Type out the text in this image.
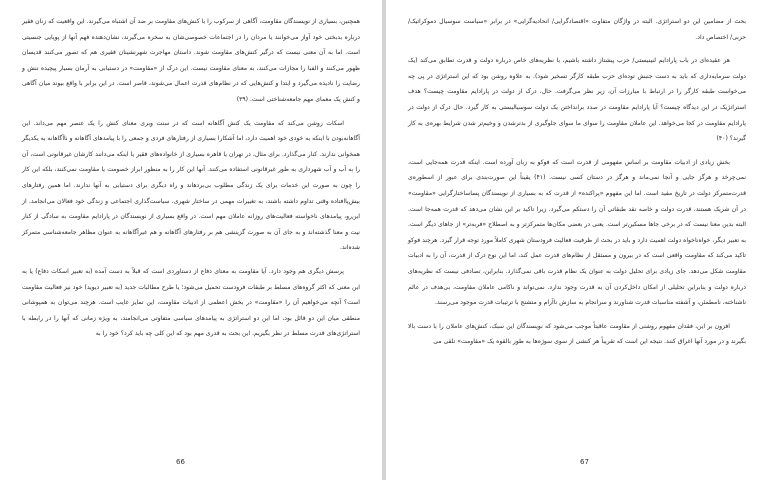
همچنین، بسیاری از نویسندگان مقاومت، آگاهی از سرکوب را با کنش‌های مقاومت بر ضد آن اشتباه می‌گیرند. این واقعیت که زنان فقیر درباره بدبختی خود آواز می‌خوانند یا مردان را در اجتماعات خصوصی‌شان به سخره می‌گیرند، نشان‌دهنده فهم آنها از پویایی جنسیتی است. اما به آن معنی نیست که درگیر کنش‌های مقاومت شوند. داستان مهاجرت شهرنشینان فقیری هم که تصور می‌کنند قدیسان ظهور می‌کنند و الفبا را مجازات می‌کنند، به معنای مقاومت نیست. این درک از «مقاومت» در دستیابی به آرمان بسیار پیچیده تنش و رضایت را نادیده می‌گیرد و ابتدا و کنش‌هایی که در نظام‌های قدرت اعمال می‌شوند، قاصر است. در این برابر با واقع بیوند میان آگاهی و کنش یک معمای مهم جامعه‌شناختی است. (۳۹)

اسکات روشن می‌کند که مقاومت یک کنش آگاهانه است که در سنت وبری معنای کنش را یک عنصر مهم می‌داند. این آگاهانه‌بودن با اینکه به خودی خود اهمیت دارد، اما آشکارا بسیاری از رفتارهای فردی و جمعی را با پیامدهای آگاهانه و ناآگاهانه به یکدیگر همخوانی ندارند. کنار می‌گذارد. برای مثال، در تهران یا قاهره بسیاری از خانواده‌های فقیر یا اینکه می‌دانند کارشان غیرقانونی است، آن را به آب و آب شهرداری به طور غیرقانونی استفاده می‌کنند. آنها این کار را به منظور ابراز خصومت یا مقاومت نمی‌کنند، بلکه این کار را چون به صورت این خدمات برای یک زندگی مطلوب بی‌بردهاند و راه دیگری برای دستیابی به آنها ندارند. اما همین رفتارهای بیش‌پاافتاده وقتی تداوم داشته باشند، به تغییرات مهمی در ساختار شهری، سیاست‌گذاری اجتماعی و زندگی خود فعالان می‌انجامد. از این‌رو، پیامدهای ناخواسته فعالیت‌های روزانه عاملان مهم است. در واقع بسیاری از نویسندگان در پارادایم مقاومت به سادگی از کنار نیت و معنا گذشته‌اند و به جای آن به صورت گزینشی هم بر رفتارهای آگاهانه و هم غیرآگاهانه به عنوان مظاهر جامعه‌شناسی متمرکز شده‌اند.

پرسش دیگری هم وجود دارد. آیا مقاومت به معنای دفاع از دستاوردی است که قبلاً به دست آمده (به تعبیر اسکات دفاع) یا به این معنی که اکثر گروه‌های مسلط بر طبقات فرودست تحمیل می‌شود؛ یا طرح مطالبات جدید (به تعبیر دیوید) خود نیز فعالیت مقاومت است؟ آنچه می‌خواهیم آن را «مقاومت» در بخش اعظمی از ادبیات مقاومت، این تمایز غایب است. هرچند می‌توان به همپوشانی منطقی میان این دو قائل بود، اما این دو استراتژی به پیامدهای سیاسی متفاوتی می‌انجامند، به ویژه زمانی که آنها را در رابطه با استراتژی‌های قدرت مسلط در نظر بگیریم. این بحث به قدری مهم بود که این کلی چه باید کرد؟ خود را به

66

بحث از مضامین این دو استراتژی. البته در واژگان متفاوت «اقتصادگرایی/ انحادیه‌گرایی» در برابر «سیاست سوسیال دموکراتیک/ حزبی/ اختصاص داد.

هر عقیده‌ای در باب پارادایم لنینیستی/ حزب پیشتاز داشته باشیم، با نظریه‌های خاص درباره دولت و قدرت تطابق می‌کند (یک دولت سرمایه‌داری که باید به دست جنبش توده‌ای حزب طبقه کارگر تسخیر شود). به علاوه روشن بود که این استراتژی در پی چه می‌خواست طبقه کارگر را در ارتباط با مبارزات آن، زیر نظر می‌گرفت. حال، درک از دولت در پارادایم مقاومت چیست؟ هدف استراتژیک در این دیدگاه چیست؟ آیا پارادایم مقاومت در صدد برانداختن یک دولت سوسیالیستی به کار گیرد. حال درک از دولت در پارادایم مقاومت در کجا می‌خواهد. این عاملان مقاومت را سوای ما سوای جلوگیری از بدترشدن و وخیم‌تر شدن شرایط بهره‌ی به کار گیرند؟ (۴۰)

بخش زیادی از ادبیات مقاومت بر اساس مفهومی از قدرت است که فوکو به زبان آورده است. اینکه قدرت همه‌جایی است، نمی‌چرخد و هرگز جایی و آنجا نمی‌ماند و هرگز در دستان کسی نیست. (۴۱) یقیناً این صورت‌بندی برای عبور از اسطوره‌ی قدرت‌متمرکز دولت در تاریخ مفید است. اما این مفهوم «پراکنده» از قدرت که به بسیاری از نویسندگان پساساختارگرایی «مقاومت» در آن شریک هستند، قدرت دولت و خاصه نقد طبقاتی آن را دستکم می‌گیرد. زیرا تاکید بر این نشان می‌دهد که قدرت همه‌جا است. البته بدین معنا نیست که در برخی جاها مسکین‌تر است. یعنی در بعضی مکان‌ها متمرکزتر و به اصطلاح «فربه‌تر» از جاهای دیگر است. به تعبیر دیگر، خواه‌ناخواه دولت اهمیت دارد و باید در بحث از ظرفیت فعالیت فرودستان شهری کاملاً مورد توجه قرار گیرد. هرچند فوکو تاکید می‌کند که مقاومت واقعی است که در بیرون و مستقل از نظام‌های قدرت عمل کند، اما این نوع درک از قدرت، آن را به ادبیات مقاومت شکل می‌دهد. جای زیادی برای تحلیل دولت به عنوان یک نظام قدرت باقی نمی‌گذارد. بنابراین، تصادفی نیست که نظریه‌های درباره دولت و بنابراین تحلیلی از امکان داخل‌کردن آن به قدرت وجود ندارد. نمی‌تواند و ناکامی عاملان مقاومت، بی‌هدف در عالم ناشناخته، نامطمئن، و آشفته مناسبات قدرت شناورند و سرانجام به سازش ناآرام و متشنج با ترتیبات قدرت موجود می‌رسند.

افزون بر این، فقدان مفهوم روشنی از مقاومت عاقبتاً موجب می‌شود که نویسندگان این سبک، کنش‌های عاملان را با دست بالا بگیرند و در مورد آنها اغراق کنند. نتیجه این است که تقریباً هر کنشی از سوی سوژه‌ها به طور بالقوه یک «مقاومت» تلقی می

67
